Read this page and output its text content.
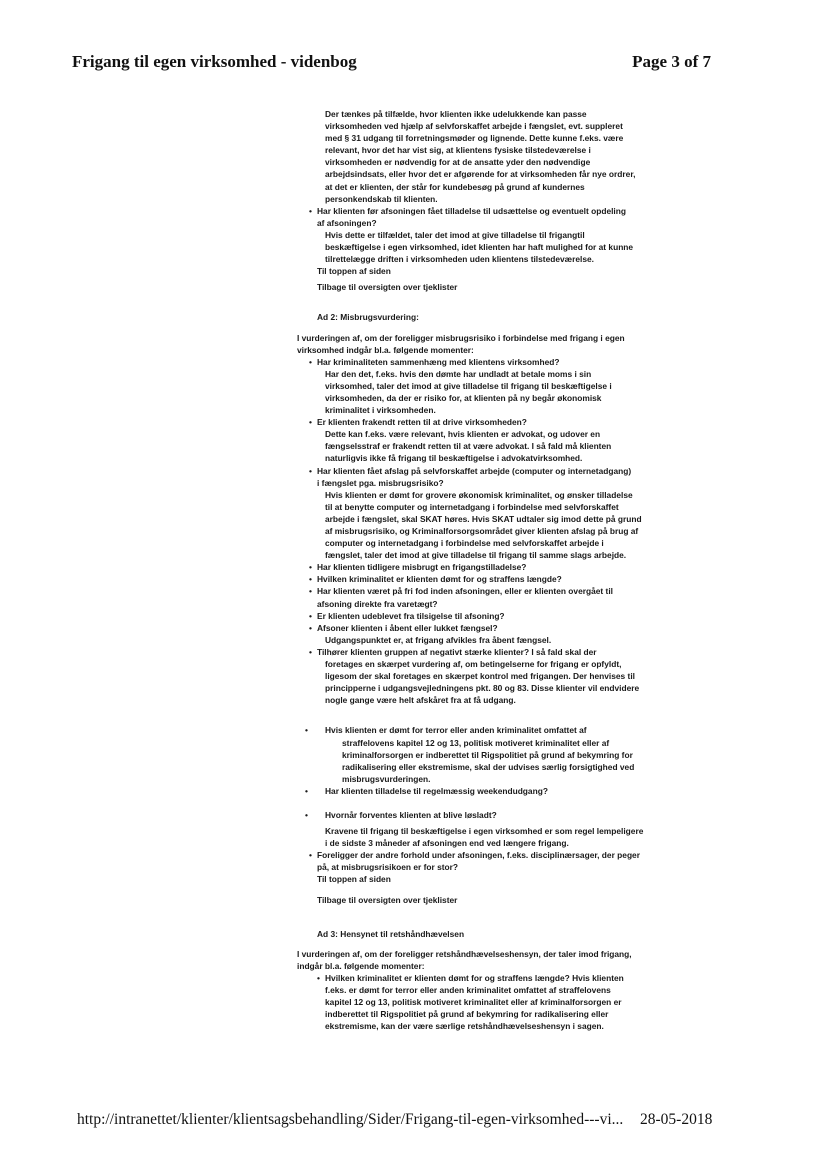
Frigang til egen virksomhed - videnbog	Page 3 of 7

Der tænkes på tilfælde, hvor klienten ikke udelukkende kan passe

virksomheden ved hjælp af selvforskaffet arbejde i fængslet, evt. suppleret

med § 31 udgang til forretningsmøder og lignende. Dette kunne f.eks. være

relevant, hvor det har vist sig, at klientens fysiske tilstedeværelse i

virksomheden er nødvendig for at de ansatte yder den nødvendige

arbejdsindsats, eller hvor det er afgørende for at virksomheden får nye ordrer,

at det er klienten, der står for kundebesøg på grund af kundernes

personkendskab til klienten.

• Har klienten før afsoningen fået tilladelse til udsættelse og eventuelt opdeling

af afsoningen?

Hvis dette er tilfældet, taler det imod at give tilladelse til frigangtil

beskæftigelse i egen virksomhed, idet klienten har haft mulighed for at kunne

tilrettelægge driften i virksomheden uden klientens tilstedeværelse.

Til toppen af siden

Tilbage til oversigten over tjeklister

Ad 2: Misbrugsvurdering:

I vurderingen af, om der foreligger misbrugsrisiko i forbindelse med frigang i egen

virksomhed indgår bl.a. følgende momenter:

• Har kriminaliteten sammenhæng med klientens virksomhed?

Har den det, f.eks. hvis den dømte har undladt at betale moms i sin

virksomhed, taler det imod at give tilladelse til frigang til beskæftigelse i

virksomheden, da der er risiko for, at klienten på ny begår økonomisk

kriminalitet i virksomheden.

• Er klienten frakendt retten til at drive virksomheden?

Dette kan f.eks. være relevant, hvis klienten er advokat, og udover en

fængselsstraf er frakendt retten til at være advokat. I så fald må klienten

naturligvis ikke få frigang til beskæftigelse i advokatvirksomhed.

• Har klienten fået afslag på selvforskaffet arbejde (computer og internetadgang)

i fængslet pga. misbrugsrisiko?

Hvis klienten er dømt for grovere økonomisk kriminalitet, og ønsker tilladelse

til at benytte computer og internetadgang i forbindelse med selvforskaffet

arbejde i fængslet, skal SKAT høres. Hvis SKAT udtaler sig imod dette på grund

af misbrugsrisiko, og Kriminalforsorgsområdet giver klienten afslag på brug af

computer og internetadgang i forbindelse med selvforskaffet arbejde i

fængslet, taler det imod at give tilladelse til frigang til samme slags arbejde.

• Har klienten tidligere misbrugt en frigangstilladelse?

• Hvilken kriminalitet er klienten dømt for og straffens længde?

• Har klienten været på fri fod inden afsoningen, eller er klienten overgået til

afsoning direkte fra varetægt?

• Er klienten udeblevet fra tilsigelse til afsoning?

• Afsoner klienten i åbent eller lukket fængsel?

Udgangspunktet er, at frigang afvikles fra åbent fængsel.

• Tilhører klienten gruppen af negativt stærke klienter? I så fald skal der

foretages en skærpet vurdering af, om betingelserne for frigang er opfyldt,

ligesom der skal foretages en skærpet kontrol med frigangen. Der henvises til

principperne i udgangsvejledningens pkt. 80 og 83. Disse klienter vil endvidere

nogle gange være helt afskåret fra at få udgang.

• Hvis klienten er dømt for terror eller anden kriminalitet omfattet af

straffelovens kapitel 12 og 13, politisk motiveret kriminalitet eller af

kriminalforsorgen er indberettet til Rigspolitiet på grund af bekymring for

radikalisering eller ekstremisme, skal der udvises særlig forsigtighed ved

misbrugsvurderingen.

• Har klienten tilladelse til regelmæssig weekendudgang?

• Hvornår forventes klienten at blive løsladt?

Kravene til frigang til beskæftigelse i egen virksomhed er som regel lempeligere

i de sidste 3 måneder af afsoningen end ved længere frigang.

• Foreligger der andre forhold under afsoningen, f.eks. disciplinærsager, der peger

på, at misbrugsrisikoen er for stor?

Til toppen af siden

Tilbage til oversigten over tjeklister

Ad 3: Hensynet til retshåndhævelsen

I vurderingen af, om der foreligger retshåndhævelseshensyn, der taler imod frigang,

indgår bl.a. følgende momenter:

• Hvilken kriminalitet er klienten dømt for og straffens længde? Hvis klienten

f.eks. er dømt for terror eller anden kriminalitet omfattet af straffelovens

kapitel 12 og 13, politisk motiveret kriminalitet eller af kriminalforsorgen er

indberettet til Rigspolitiet på grund af bekymring for radikalisering eller

ekstremisme, kan der være særlige retshåndhævelseshensyn i sagen.

http://intranettet/klienter/klientsagsbehandling/Sider/Frigang-til-egen-virksomhed---vi... 28-05-2018
